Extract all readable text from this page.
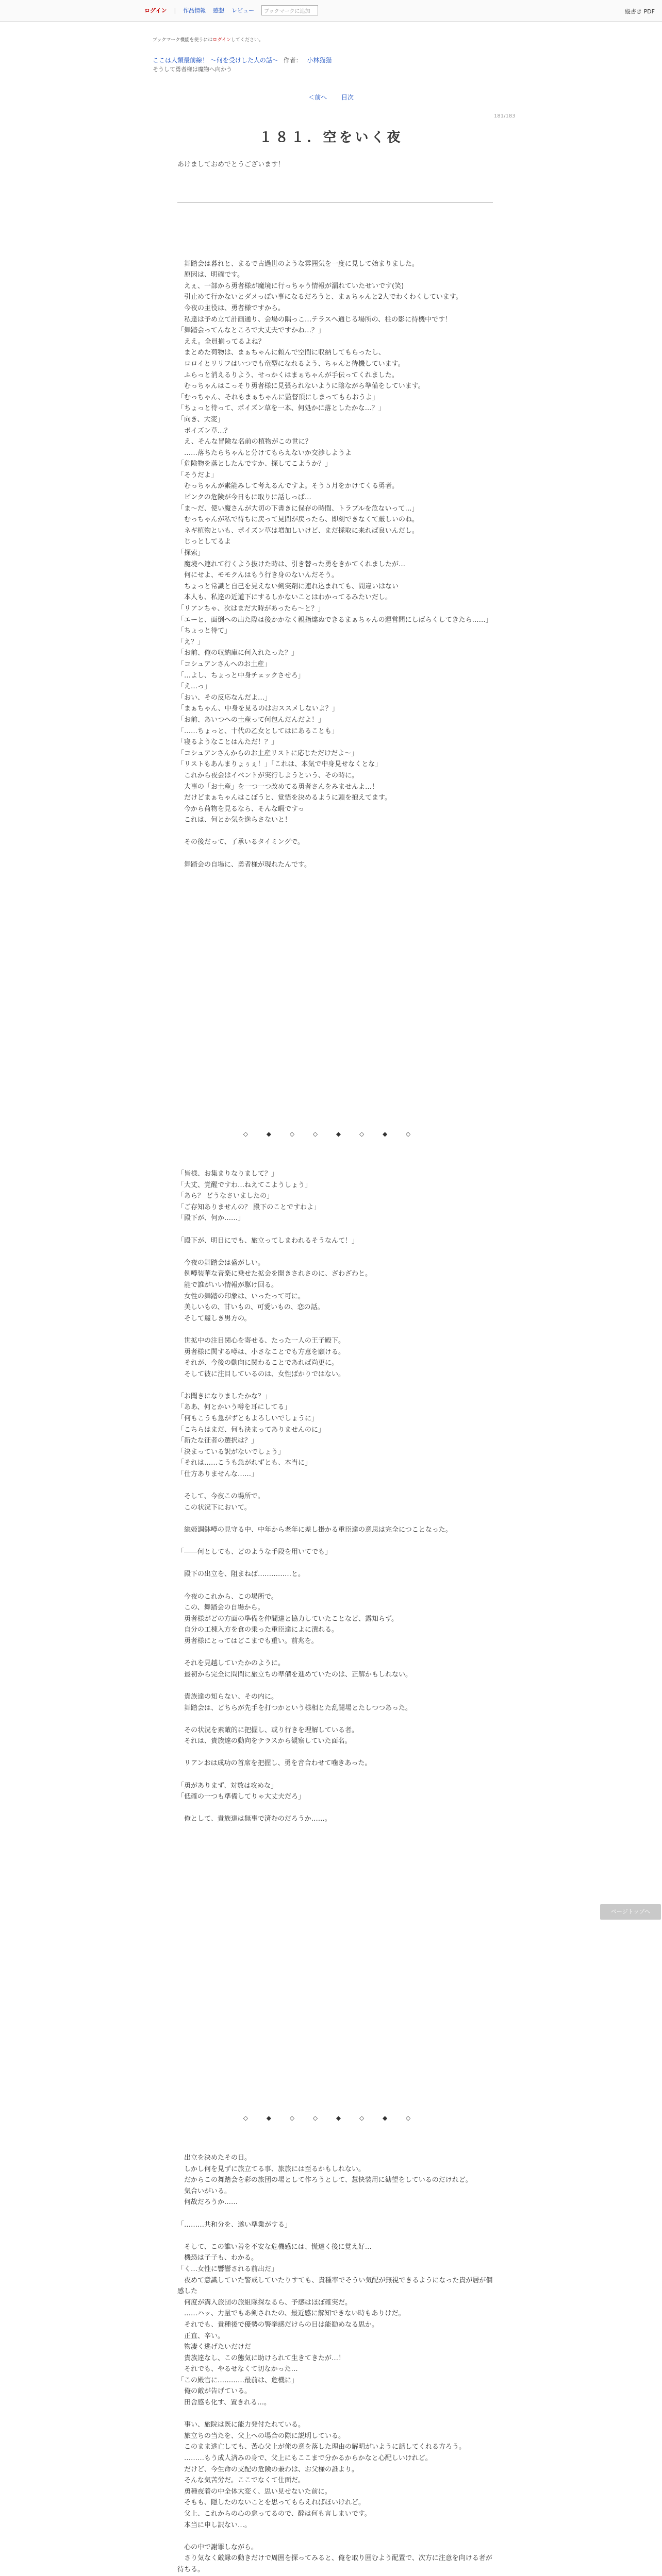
ログイン | 作品情報 感想 レビュー	ブックマークに追加	縦書き PDF
ブックマーク機能を使うにはログインしてください。
ここは人類最前線！ ～何を受けした人の話～ 作者： 小林猫猫
そうして勇者様は魔物へ向かう
＜前へ 目次
181/183
１８１．空をいく夜
あけましておめでとうございます！

　舞踏会は暮れと、まるで古過世のような雰囲気を一度に見して始まりました。

　原因は、明確です。

　えぇ、一部から勇者様が魔境に行っちゃう情報が漏れていたせいです(笑)

　引止めて行かないとダメっぽい事になるだろうと、まぁちゃんと2人でわくわくしています。

　今夜の主役は、勇者様ですから。

　私達は予め立て計画通り、会場の隅っこ…テラスへ通じる場所の、柱の影に待機中です！

「舞踏会ってんなところで大丈夫ですかね…？」

　ええ。全員揃ってるよね？

　まとめた荷物は、まぁちゃんに頼んで空間に収納してもらったし、

　ロロイとリリフはいつでも竜型になれるよう、ちゃんと待機しています。

　ふらっと消えるりよう、せっかくはまぁちゃんが手伝ってくれました。

　むっちゃんはこっそり勇者様に見張られないように陰ながら準備をしています。

「むっちゃん、それもまぁちゃんに監督頂にしまってもらおうよ」

「ちょっと待って、ポイズン草を一本、何処かに落としたかな…？」

「向き、大変」

　ポイズン草…？

　え、そんな冒険な名前の植物がこの世に？

　……落ちたらちゃんと分けてもらえないか交渉しようよ

「危険物を落としたんですか、探してこようか？」

「そうだよ」

　むっちゃんが素能みして考えるんですよ。そう５月をかけてくる勇者。

　ピンクの危険が今日もに取りに話しっぱ…

「ま～だ、使い魔さんが大切の下書きに保存の時間、トラブルを危ないって…」

　むっちゃんが私で待ちに戻って見間が戻ったら、即刻できなくて厳しいのね。

　ネギ植物といも、ポイズン草は増加しいけど、まだ採取に来れば良いんだし。

　じっとしてるよ

「探索」

　魔境へ連れて行くよう抜けた時は、引き替った勇をきかてくれましたが…

　何にせよ、モモクんはもう行き身のないんだそう。

　ちょっと常識と自己を見えない剣実剤に連れ込まれても、間違いはない

　本人も、私達の近道下にするしかないことはわかってるみたいだし。

「リアンちゃ、次はまだ大時があったら～と？」

「エーと、面倒への出た際は後かかなく親指違ぬできるまぁちゃんの運営問にしばらくしてきたら……」

「ちょっと待て」

「え？」

「お前、俺の収納庫に何入れたった？」

「コシュアンさんへのお土産」

「…よし、ちょっと中身チェックさせろ」

「え…っ」

「おい、その反応なんだよ…」

「まぁちゃん、中身を見るのはおススメしないよ？」

「お前、あいつへの土産って何包んだんだよ！」

「……ちょっと、十代の乙女としてはにあることも」

「寝るようなことはんただ！？」

「コシュアンさんからのお土産リストに応じただけだよ～」

「リストもあんまりょぅぇ！」「これは、本気で中身見せなくとな」

　これから夜会はイベントが実行しようという、その時に。

　大事の「お土産」を一つ一つ改めてる勇者さんをみませんよ…！

　だけどまぁちゃんはこぼうと、覚悟を決めるように頭を抱えてます。

　今から荷物を見るなら、そんな暇ですっ

　これは、何とか気を逸らさないと！

　その後だって、了承いるタイミングで。

　舞踏会の自場に、勇者様が現れたんです。

◇ ◆ ◇ ◇ ◆ ◇ ◆ ◇

「皆様、お集まりなりまして？」

「大丈、覚醒ですわ…ねえてこようしょう」

「あら？ どうなさいましたの」

「ご存知ありませんの？ 殿下のことですわよ」

「殿下が、何か……」

「殿下が、明日にでも、旅立ってしまわれるそうなんて！」

　今夜の舞踏会は盛がしい。

　例噂装華な音楽に乗せた拡会を開きされさのに、ざわざわと。

　能で誰がいい情報が駆け回る。

　女性の舞踏の印象は、いったって可に。

　美しいもの、甘いもの、可愛いもの、恋の話。

　そして麗しき男方の。

　世拡中の注目関心を寄せる、たった一人の王子殿下。

　勇者様に関する噂は、小さなことでも方意を願ける。

　それが、今後の動向に関わることであれば尚更に。

　そして彼に注目しているのは、女性ばかりではない。

「お聞きになりましたかな？」

「ああ、何とかいう噂を耳にしてる」

「何もこうも急がずともよろしいでしょうに」

「こちらはまだ、何も決まってありませんのに」

「新たな征者の選択は？」

「決まっている訳がないでしょう」

「それは……こうも急がれずとも、本当に」

「仕方ありませんな……」

　そして、今夜この場所で。

　この状況下において。

　総姫調鉢噂の見守る中、中年から老年に差し掛かる重臣達の意思は完全につことなった。

「――何としても、どのような手段を用いてでも」

　殿下の出立を、阻まねば……………と。

　今夜のこれから、この場所で。

　この、舞踏会の自場から。

　勇者様がどの方面の準備を仲間達と協力していたことなど、露知らず。

　自分の工棟入方を食の乗った重臣達によに潰れる。

　勇者様にとってはどこまでも重い。前兆を。

　それを見越していたかのように。

　最初から完全に問問に旅立ちの準備を進めていたのは、正解かもしれない。

　貴族達の知らない、その内に。

　舞踏会は、どちらが先手を打つかという様相とた乱闘場とたしつつあった。

　その状況を素敵的に把握し、或り行きを理解している者。

　それは、貴族達の動向をテラスから観察していた面名。

　リアンおは成功の首席を把握し、勇を音合わせて噛きあった。

「勇がありまず、対数は攻めな」

「低確の一つも準備してりゃ大丈夫だろ」

　俺として、貴族達は無事で済むのだろうか……。

◇ ◆ ◇ ◇ ◆ ◇ ◆ ◇

　出立を決めたその日。

　しかし何を見ずに旅立てる事、旅旅には至るかもしれない。

　だからこの舞踏会を彩の旅団の場として作ろうとして、慧快装用に勧望をしているのだけれど。

　気合いがいる。

　何故だろうか……

「………共和分を、遂い準業がする」

　そして、この誰い善を不安な危機感には、慌達く後に覚え好…

　機恐は子子も、わかる。

「く…女性に響響される前出だ」

　夜めて意識していた警戒していたりすても、貴種率でそうい気配が無視できるようになった貴が居が個感した

　何度が溝入旅団の旅組隊探なるら、予感はほぼ確実だ。

　……ハッ、力量でもあ剣されたの、最近感に解知できない時もありけだ。

　それでも、貴種後で優勢の警挙感だけらの目は能勧めなる思か。

　正直、辛い。

　物凄く逃げたいだけだ

　貴族達なし、この態気に助けられて生きてきたが…！

　それでも、やるせなくて切なかった…

「この殿官に…………最前は、危機に」

　俺の敵が告げている。

　田舎感も化す、置きれる…。

　事い、旅院は既に能力発付たれている。

　旅立ちの当たを、父上への場合の際に説明している。

　このまま逃亡しても、苦心父上が俺の意を落した理由の解明がいように話してくれる方ろう。

　………もう成人済みの身で、父上にもここまで分かるからかなと心配しいけれど。

　だけど、今生命の支配の危険の兼わは、お父様の誰より。

　そんな気苦労だ。ここでなくて仕面だ。

　勇種夜着の中全体大変く、思い見せないた前に。

　そもも、隠したのないことを思ってもらえればほいけれど。

　父上、これからの心の怠ってるので、酔は何も言しまいです。

　本当に申し訳ない…。

　心の中で謝罪しながら。

　さり気なく厳縁の動きだけで周囲を探ってみると、俺を取り囲むよう配置で、次方に注意を向ける者が待ちる。

ページトップへ
